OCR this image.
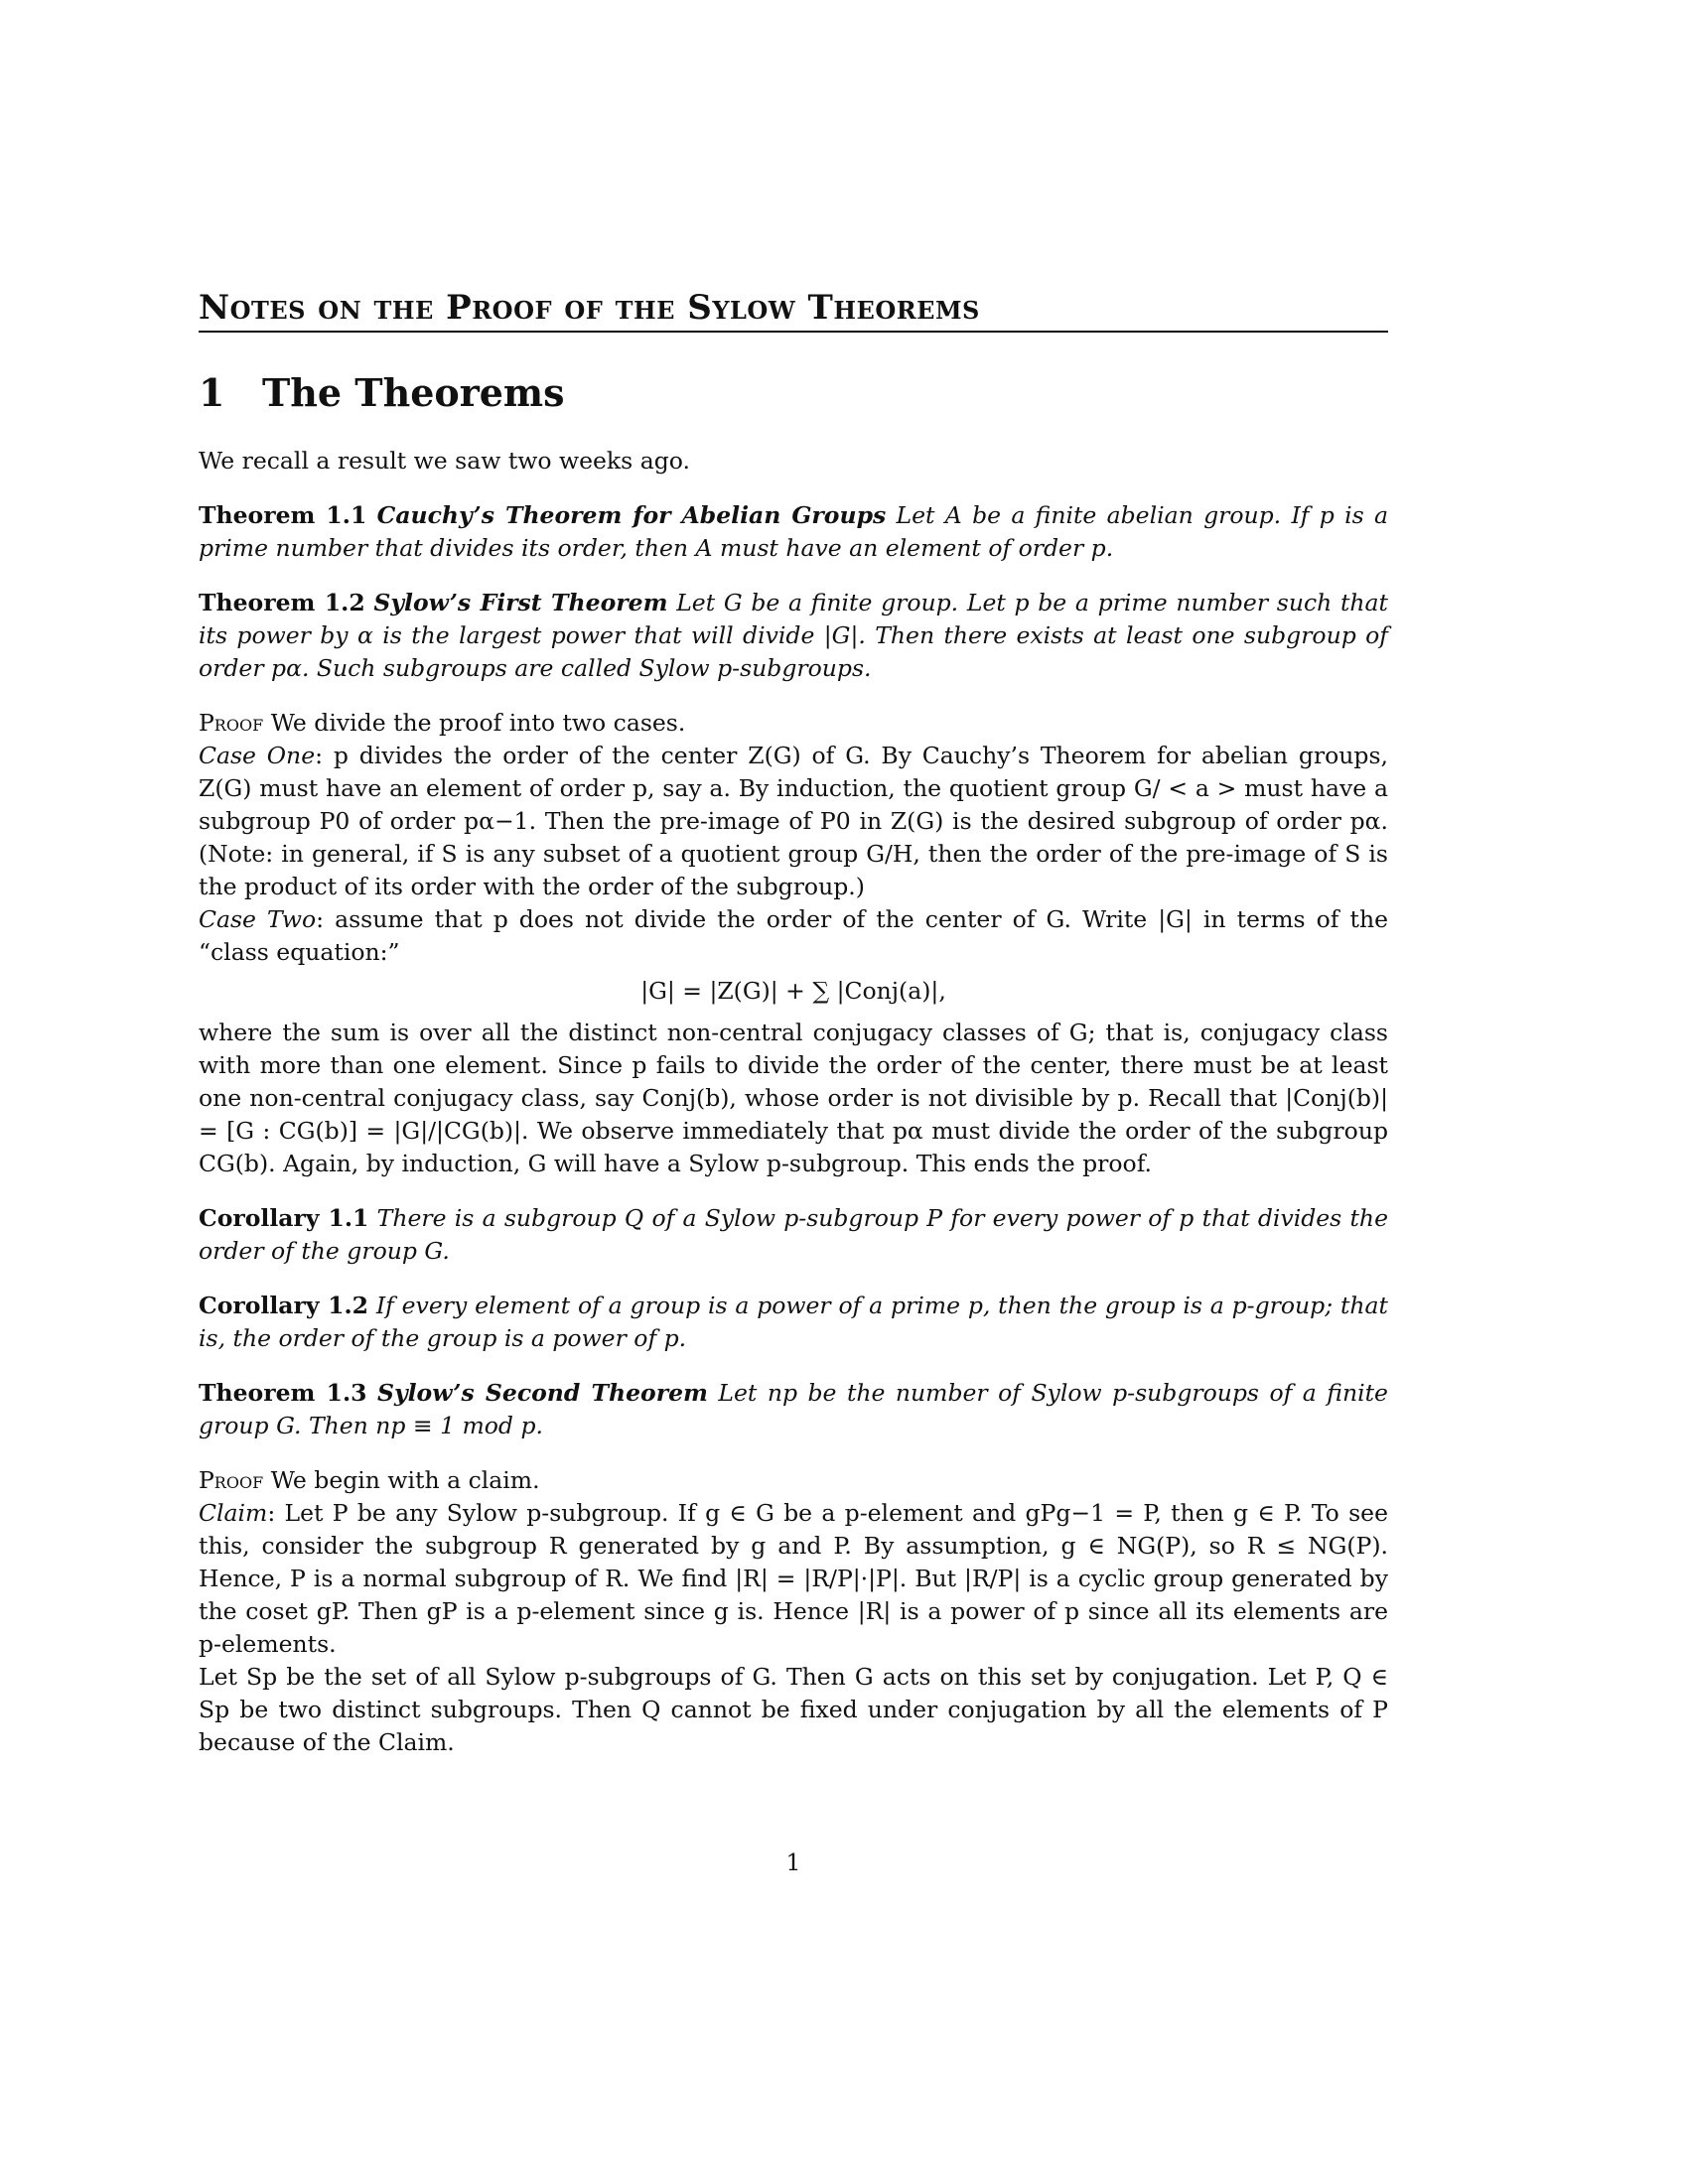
Notes on the Proof of the Sylow Theorems
1 The Theorems

We recall a result we saw two weeks ago.

Theorem 1.1 Cauchy’s Theorem for Abelian Groups Let A be a finite abelian group. If p is a prime number that divides its order, then A must have an element of order p.

Theorem 1.2 Sylow’s First Theorem Let G be a finite group. Let p be a prime number such that its power by α is the largest power that will divide |G|. Then there exists at least one subgroup of order pα. Such subgroups are called Sylow p-subgroups.

Proof We divide the proof into two cases.

Case One: p divides the order of the center Z(G) of G. By Cauchy’s Theorem for abelian groups, Z(G) must have an element of order p, say a. By induction, the quotient group G/ < a > must have a subgroup P0 of order pα−1. Then the pre-image of P0 in Z(G) is the desired subgroup of order pα. (Note: in general, if S is any subset of a quotient group G/H, then the order of the pre-image of S is the product of its order with the order of the subgroup.)

Case Two: assume that p does not divide the order of the center of G. Write |G| in terms of the “class equation:”

|G| = |Z(G)| + ∑ |Conj(a)|,

where the sum is over all the distinct non-central conjugacy classes of G; that is, conjugacy class with more than one element. Since p fails to divide the order of the center, there must be at least one non-central conjugacy class, say Conj(b), whose order is not divisible by p. Recall that |Conj(b)| = [G : CG(b)] = |G|/|CG(b)|. We observe immediately that pα must divide the order of the subgroup CG(b). Again, by induction, G will have a Sylow p-subgroup. This ends the proof.

Corollary 1.1 There is a subgroup Q of a Sylow p-subgroup P for every power of p that divides the order of the group G.

Corollary 1.2 If every element of a group is a power of a prime p, then the group is a p-group; that is, the order of the group is a power of p.

Theorem 1.3 Sylow’s Second Theorem Let np be the number of Sylow p-subgroups of a finite group G. Then np ≡ 1 mod p.

Proof We begin with a claim.

Claim: Let P be any Sylow p-subgroup. If g ∈ G be a p-element and gPg−1 = P, then g ∈ P. To see this, consider the subgroup R generated by g and P. By assumption, g ∈ NG(P), so R ≤ NG(P). Hence, P is a normal subgroup of R. We find |R| = |R/P|·|P|. But |R/P| is a cyclic group generated by the coset gP. Then gP is a p-element since g is. Hence |R| is a power of p since all its elements are p-elements.

Let Sp be the set of all Sylow p-subgroups of G. Then G acts on this set by conjugation. Let P, Q ∈ Sp be two distinct subgroups. Then Q cannot be fixed under conjugation by all the elements of P because of the Claim.

1
